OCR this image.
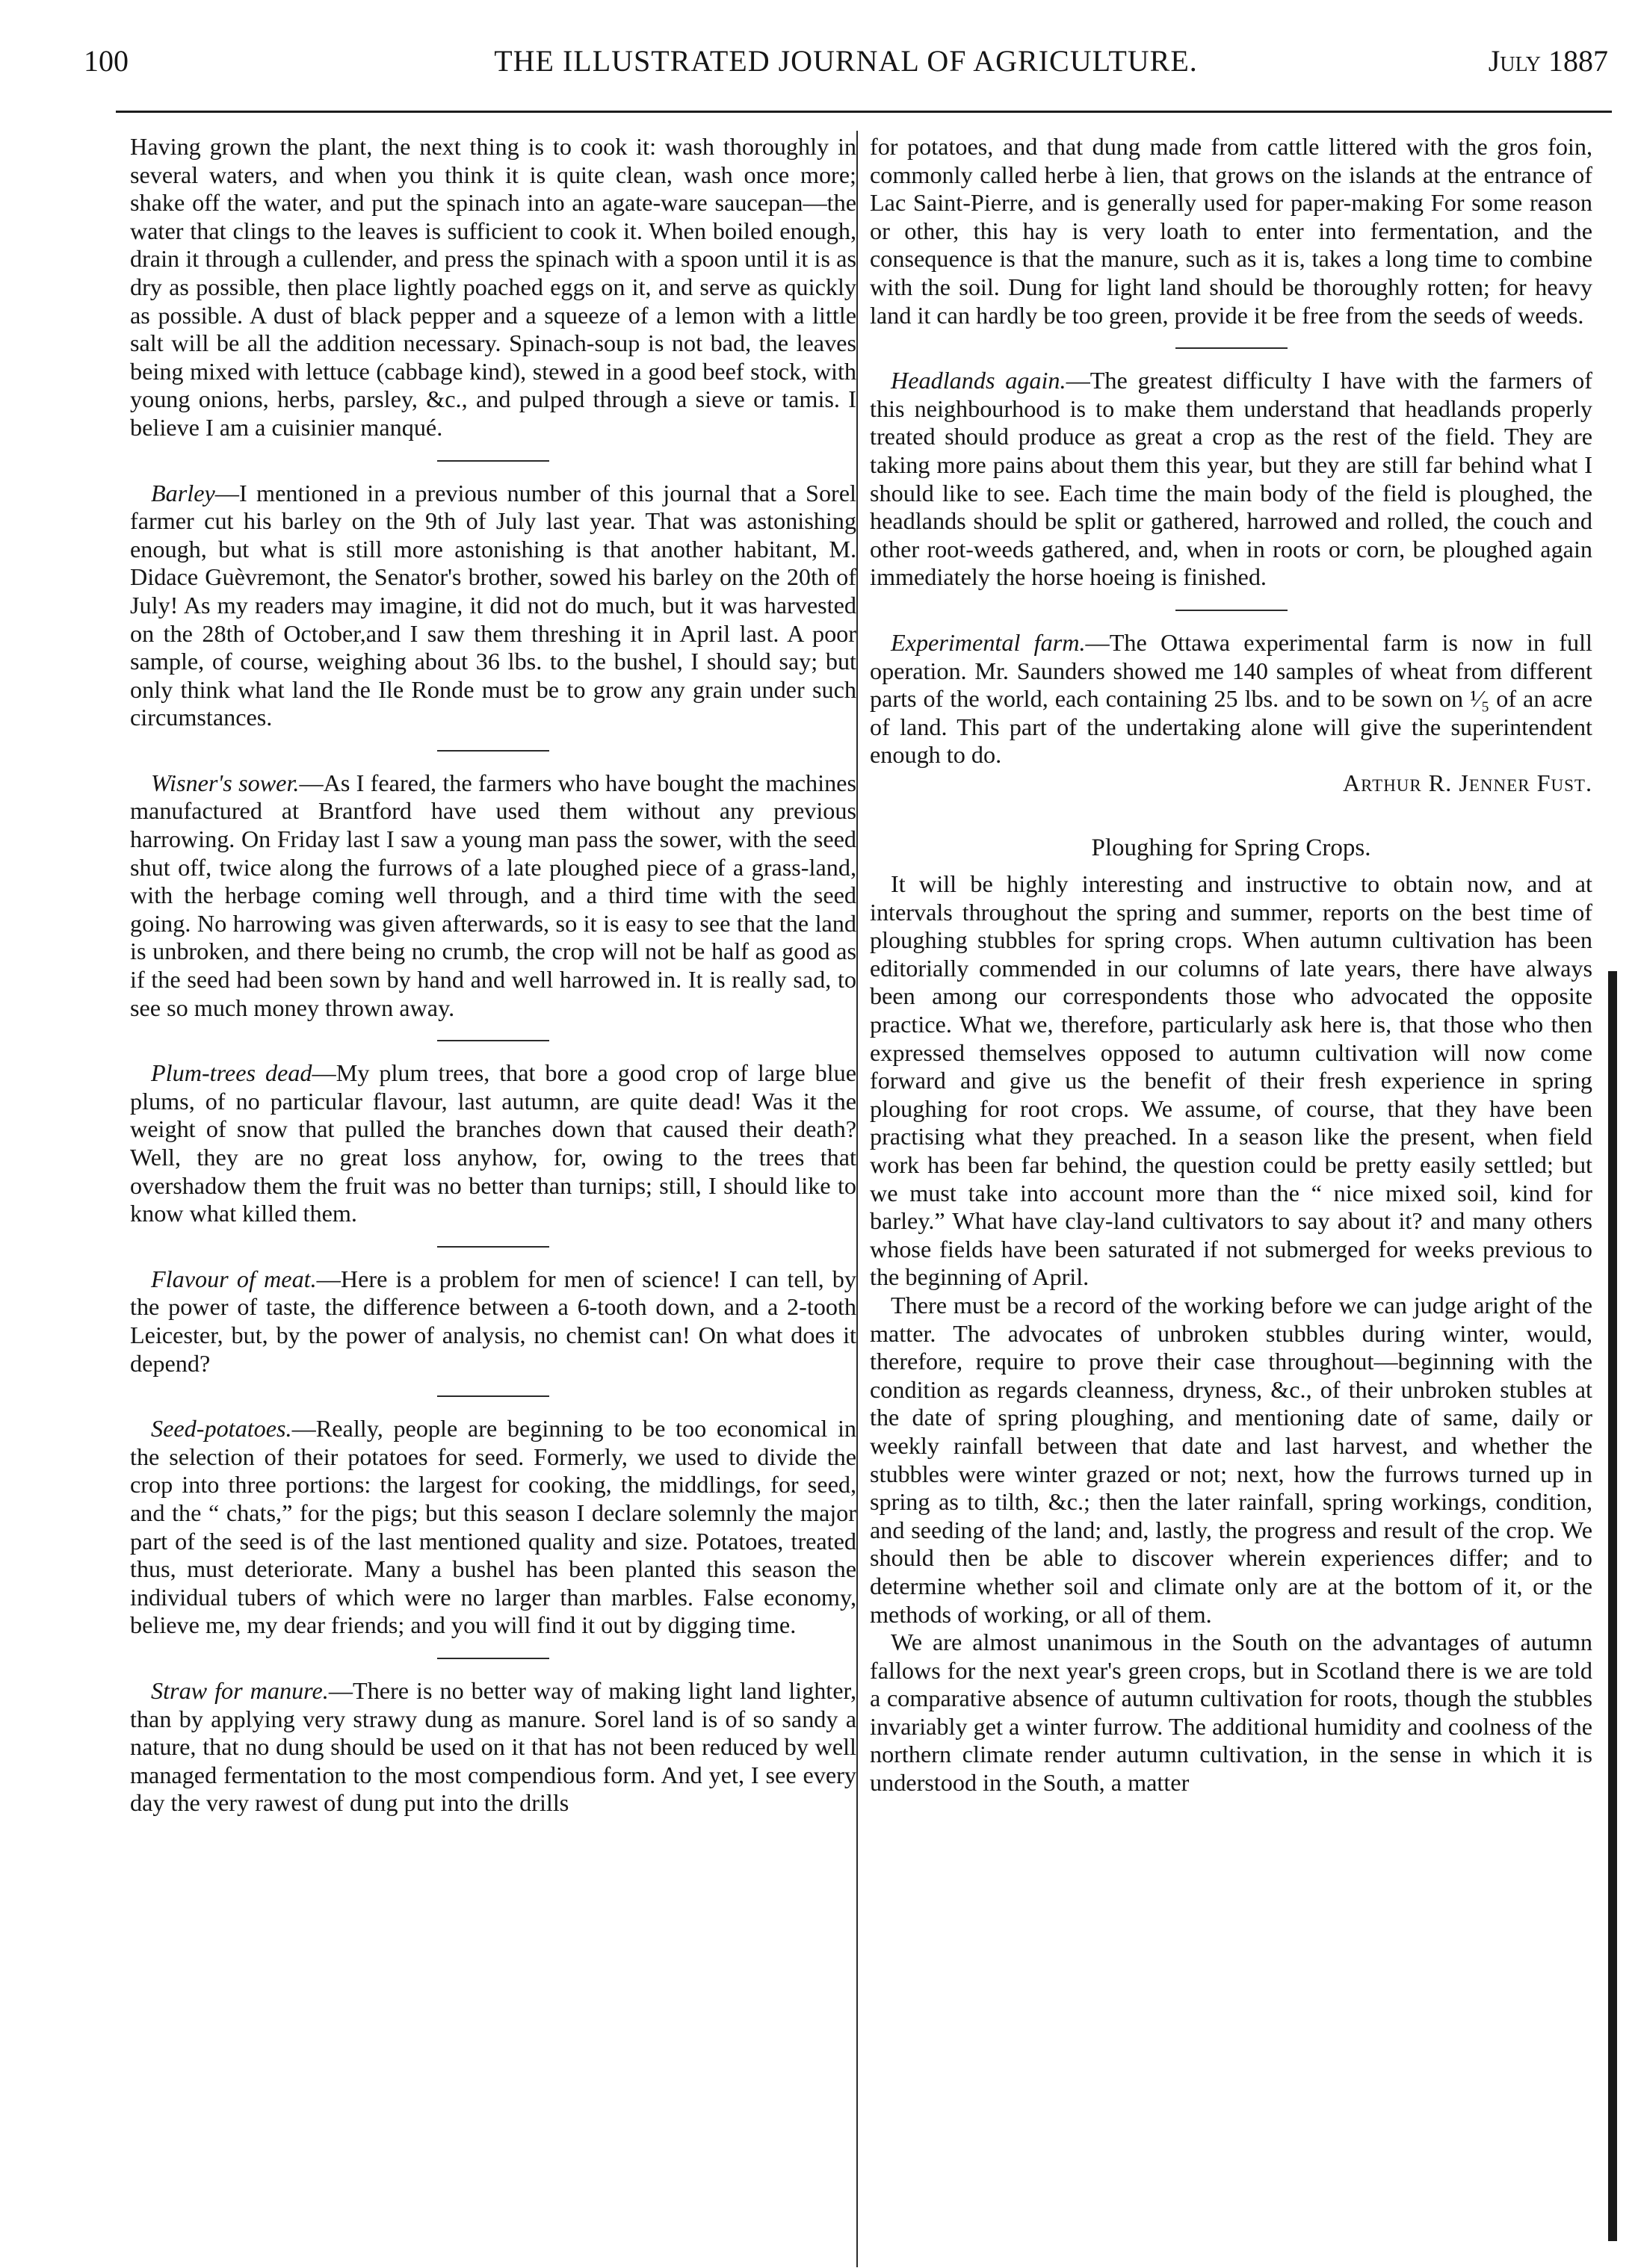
100	THE ILLUSTRATED JOURNAL OF AGRICULTURE.	July 1887

Having grown the plant, the next thing is to cook it: wash thoroughly in several waters, and when you think it is quite clean, wash once more; shake off the water, and put the spinach into an agate-ware saucepan—the water that clings to the leaves is sufficient to cook it. When boiled enough, drain it through a cullender, and press the spinach with a spoon until it is as dry as possible, then place lightly poached eggs on it, and serve as quickly as possible. A dust of black pepper and a squeeze of a lemon with a little salt will be all the addition necessary. Spinach-soup is not bad, the leaves being mixed with lettuce (cabbage kind), stewed in a good beef stock, with young onions, herbs, parsley, &c., and pulped through a sieve or tamis. I believe I am a cuisinier manqué.

Barley—I mentioned in a previous number of this journal that a Sorel farmer cut his barley on the 9th of July last year. That was astonishing enough, but what is still more astonishing is that another habitant, M. Didace Guèvremont, the Senator's brother, sowed his barley on the 20th of July! As my readers may imagine, it did not do much, but it was harvested on the 28th of October,and I saw them threshing it in April last. A poor sample, of course, weighing about 36 lbs. to the bushel, I should say; but only think what land the Ile Ronde must be to grow any grain under such circumstances.

Wisner's sower.—As I feared, the farmers who have bought the machines manufactured at Brantford have used them without any previous harrowing. On Friday last I saw a young man pass the sower, with the seed shut off, twice along the furrows of a late ploughed piece of a grass-land, with the herbage coming well through, and a third time with the seed going. No harrowing was given afterwards, so it is easy to see that the land is unbroken, and there being no crumb, the crop will not be half as good as if the seed had been sown by hand and well harrowed in. It is really sad, to see so much money thrown away.

Plum-trees dead—My plum trees, that bore a good crop of large blue plums, of no particular flavour, last autumn, are quite dead! Was it the weight of snow that pulled the branches down that caused their death? Well, they are no great loss anyhow, for, owing to the trees that overshadow them the fruit was no better than turnips; still, I should like to know what killed them.

Flavour of meat.—Here is a problem for men of science! I can tell, by the power of taste, the difference between a 6-tooth down, and a 2-tooth Leicester, but, by the power of analysis, no chemist can! On what does it depend?

Seed-potatoes.—Really, people are beginning to be too economical in the selection of their potatoes for seed. Formerly, we used to divide the crop into three portions: the largest for cooking, the middlings, for seed, and the “ chats,” for the pigs; but this season I declare solemnly the major part of the seed is of the last mentioned quality and size. Potatoes, treated thus, must deteriorate. Many a bushel has been planted this season the individual tubers of which were no larger than marbles. False economy, believe me, my dear friends; and you will find it out by digging time.

Straw for manure.—There is no better way of making light land lighter, than by applying very strawy dung as manure. Sorel land is of so sandy a nature, that no dung should be used on it that has not been reduced by well managed fermentation to the most compendious form. And yet, I see every day the very rawest of dung put into the drills

for potatoes, and that dung made from cattle littered with the gros foin, commonly called herbe à lien, that grows on the islands at the entrance of Lac Saint-Pierre, and is generally used for paper-making For some reason or other, this hay is very loath to enter into fermentation, and the consequence is that the manure, such as it is, takes a long time to combine with the soil. Dung for light land should be thoroughly rotten; for heavy land it can hardly be too green, provide it be free from the seeds of weeds.

Headlands again.—The greatest difficulty I have with the farmers of this neighbourhood is to make them understand that headlands properly treated should produce as great a crop as the rest of the field. They are taking more pains about them this year, but they are still far behind what I should like to see. Each time the main body of the field is ploughed, the headlands should be split or gathered, harrowed and rolled, the couch and other root-weeds gathered, and, when in roots or corn, be ploughed again immediately the horse hoeing is finished.

Experimental farm.—The Ottawa experimental farm is now in full operation. Mr. Saunders showed me 140 samples of wheat from different parts of the world, each containing 25 lbs. and to be sown on ¹⁄₅ of an acre of land. This part of the undertaking alone will give the superintendent enough to do.

Arthur R. Jenner Fust.

Ploughing for Spring Crops.

It will be highly interesting and instructive to obtain now, and at intervals throughout the spring and summer, reports on the best time of ploughing stubbles for spring crops. When autumn cultivation has been editorially commended in our columns of late years, there have always been among our correspondents those who advocated the opposite practice. What we, therefore, particularly ask here is, that those who then expressed themselves opposed to autumn cultivation will now come forward and give us the benefit of their fresh experience in spring ploughing for root crops. We assume, of course, that they have been practising what they preached. In a season like the present, when field work has been far behind, the question could be pretty easily settled; but we must take into account more than the “ nice mixed soil, kind for barley.” What have clay-land cultivators to say about it? and many others whose fields have been saturated if not submerged for weeks previous to the beginning of April.

There must be a record of the working before we can judge aright of the matter. The advocates of unbroken stubbles during winter, would, therefore, require to prove their case throughout—beginning with the condition as regards cleanness, dryness, &c., of their unbroken stubles at the date of spring ploughing, and mentioning date of same, daily or weekly rainfall between that date and last harvest, and whether the stubbles were winter grazed or not; next, how the furrows turned up in spring as to tilth, &c.; then the later rainfall, spring workings, condition, and seeding of the land; and, lastly, the progress and result of the crop. We should then be able to discover wherein experiences differ; and to determine whether soil and climate only are at the bottom of it, or the methods of working, or all of them.

We are almost unanimous in the South on the advantages of autumn fallows for the next year's green crops, but in Scotland there is we are told a comparative absence of autumn cultivation for roots, though the stubbles invariably get a winter furrow. The additional humidity and coolness of the northern climate render autumn cultivation, in the sense in which it is understood in the South, a matter
